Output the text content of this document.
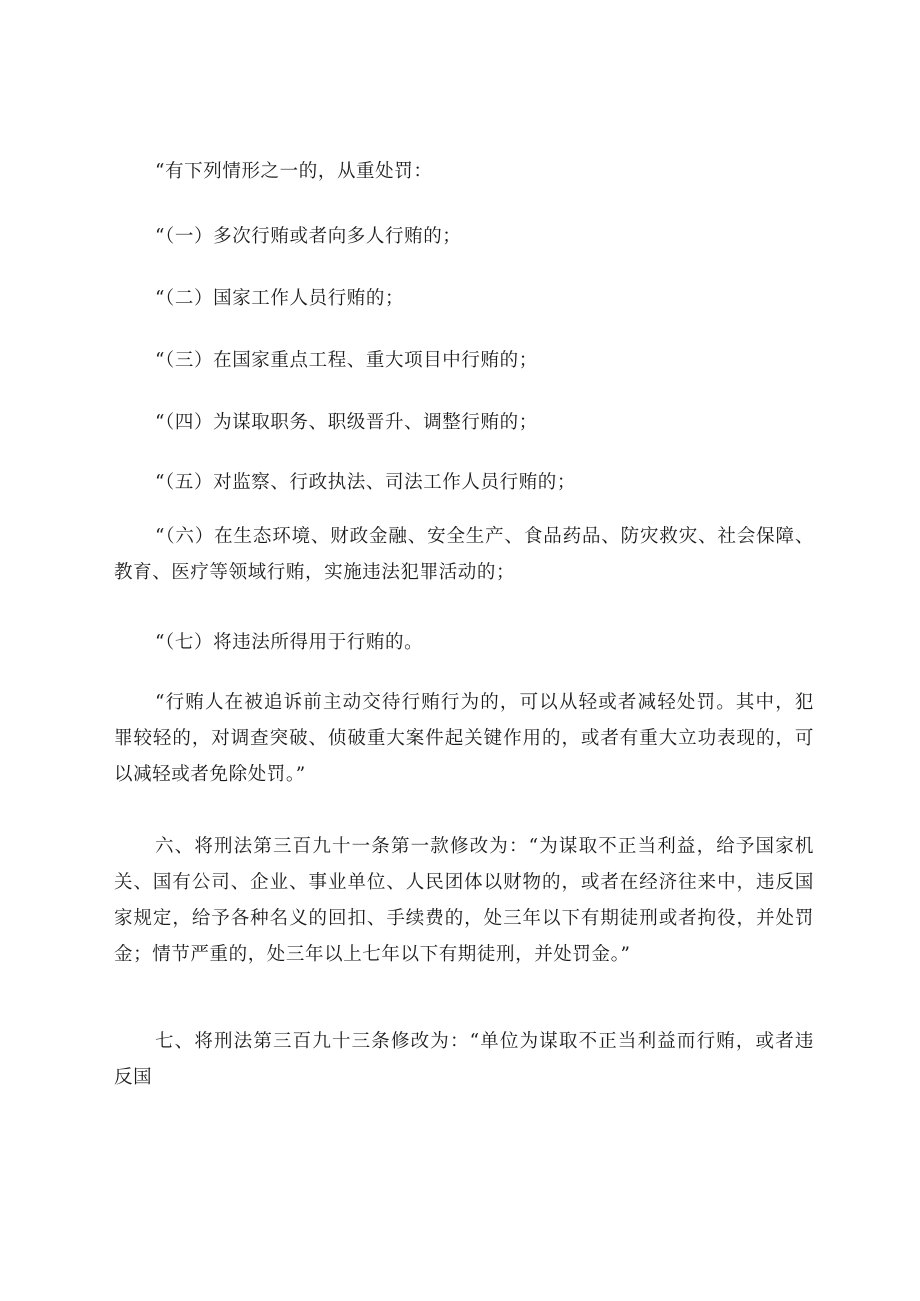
“有下列情形之一的，从重处罚：

“（一）多次行贿或者向多人行贿的；

“（二）国家工作人员行贿的；

“（三）在国家重点工程、重大项目中行贿的；

“（四）为谋取职务、职级晋升、调整行贿的；

“（五）对监察、行政执法、司法工作人员行贿的；

“（六）在生态环境、财政金融、安全生产、食品药品、防灾救灾、社会保障、教育、医疗等领域行贿，实施违法犯罪活动的；

“（七）将违法所得用于行贿的。

“行贿人在被追诉前主动交待行贿行为的，可以从轻或者减轻处罚。其中，犯罪较轻的，对调查突破、侦破重大案件起关键作用的，或者有重大立功表现的，可以减轻或者免除处罚。”

六、将刑法第三百九十一条第一款修改为：“为谋取不正当利益，给予国家机关、国有公司、企业、事业单位、人民团体以财物的，或者在经济往来中，违反国家规定，给予各种名义的回扣、手续费的，处三年以下有期徒刑或者拘役，并处罚金；情节严重的，处三年以上七年以下有期徒刑，并处罚金。”

七、将刑法第三百九十三条修改为：“单位为谋取不正当利益而行贿，或者违反国
